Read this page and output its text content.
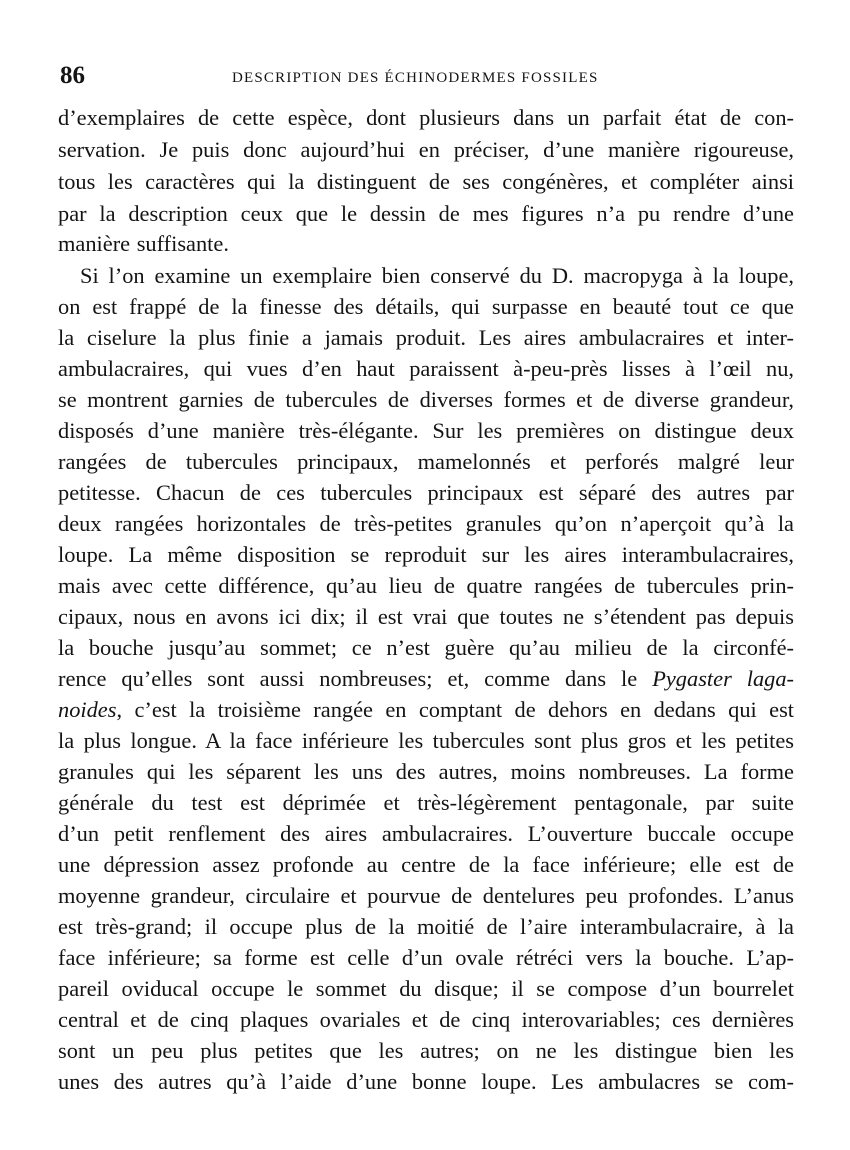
86	DESCRIPTION DES ÉCHINODERMES FOSSILES
d’exemplaires de cette espèce, dont plusieurs dans un parfait état de con-
servation. Je puis donc aujourd’hui en préciser, d’une manière rigoureuse,
tous les caractères qui la distinguent de ses congénères, et compléter ainsi
par la description ceux que le dessin de mes figures n’a pu rendre d’une
manière suffisante.
Si l’on examine un exemplaire bien conservé du D. macropyga à la loupe,
on est frappé de la finesse des détails, qui surpasse en beauté tout ce que
la ciselure la plus finie a jamais produit. Les aires ambulacraires et inter-
ambulacraires, qui vues d’en haut paraissent à-peu-près lisses à l’œil nu,
se montrent garnies de tubercules de diverses formes et de diverse grandeur,
disposés d’une manière très-élégante. Sur les premières on distingue deux
rangées de tubercules principaux, mamelonnés et perforés malgré leur
petitesse. Chacun de ces tubercules principaux est séparé des autres par
deux rangées horizontales de très-petites granules qu’on n’aperçoit qu’à la
loupe. La même disposition se reproduit sur les aires interambulacraires,
mais avec cette différence, qu’au lieu de quatre rangées de tubercules prin-
cipaux, nous en avons ici dix; il est vrai que toutes ne s’étendent pas depuis
la bouche jusqu’au sommet; ce n’est guère qu’au milieu de la circonfé-
rence qu’elles sont aussi nombreuses; et, comme dans le Pygaster laga-
noides, c’est la troisième rangée en comptant de dehors en dedans qui est
la plus longue. A la face inférieure les tubercules sont plus gros et les petites
granules qui les séparent les uns des autres, moins nombreuses. La forme
générale du test est déprimée et très-légèrement pentagonale, par suite
d’un petit renflement des aires ambulacraires. L’ouverture buccale occupe
une dépression assez profonde au centre de la face inférieure; elle est de
moyenne grandeur, circulaire et pourvue de dentelures peu profondes. L’anus
est très-grand; il occupe plus de la moitié de l’aire interambulacraire, à la
face inférieure; sa forme est celle d’un ovale rétréci vers la bouche. L’ap-
pareil oviducal occupe le sommet du disque; il se compose d’un bourrelet
central et de cinq plaques ovariales et de cinq interovariables; ces dernières
sont un peu plus petites que les autres; on ne les distingue bien les
unes des autres qu’à l’aide d’une bonne loupe. Les ambulacres se com-
